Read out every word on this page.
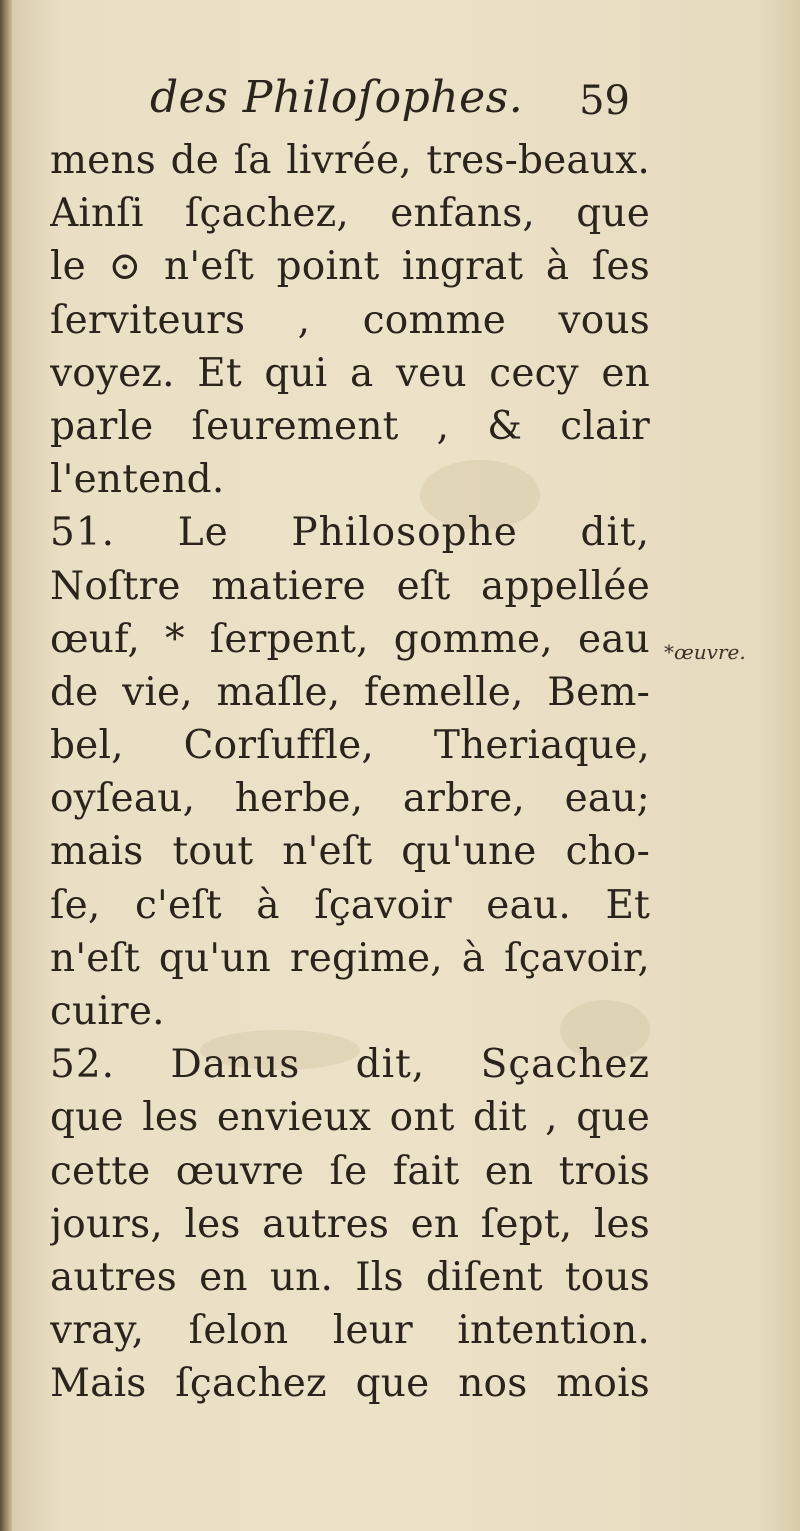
des Philoſophes. 59
mens de ſa livrée, tres-beaux.
Ainſi ſçachez, enfans, que
le ⊙ n'eſt point ingrat à ſes
ſerviteurs , comme vous
voyez. Et qui a veu cecy en
parle ſeurement , & clair
l'entend.
51. Le Philosophe dit,
Noſtre matiere eſt appellée
œuf, * ſerpent, gomme, eau
de vie, maſle, femelle, Bem-
bel, Corſuffle, Theriaque,
oyſeau, herbe, arbre, eau;
mais tout n'eſt qu'une cho-
ſe, c'eſt à ſçavoir eau. Et
n'eſt qu'un regime, à ſçavoir,
cuire.
52. Danus dit, Sçachez
que les envieux ont dit , que
cette œuvre ſe fait en trois
jours, les autres en ſept, les
autres en un. Ils diſent tous
vray, ſelon leur intention.
Mais ſçachez que nos mois
*œuvre.
